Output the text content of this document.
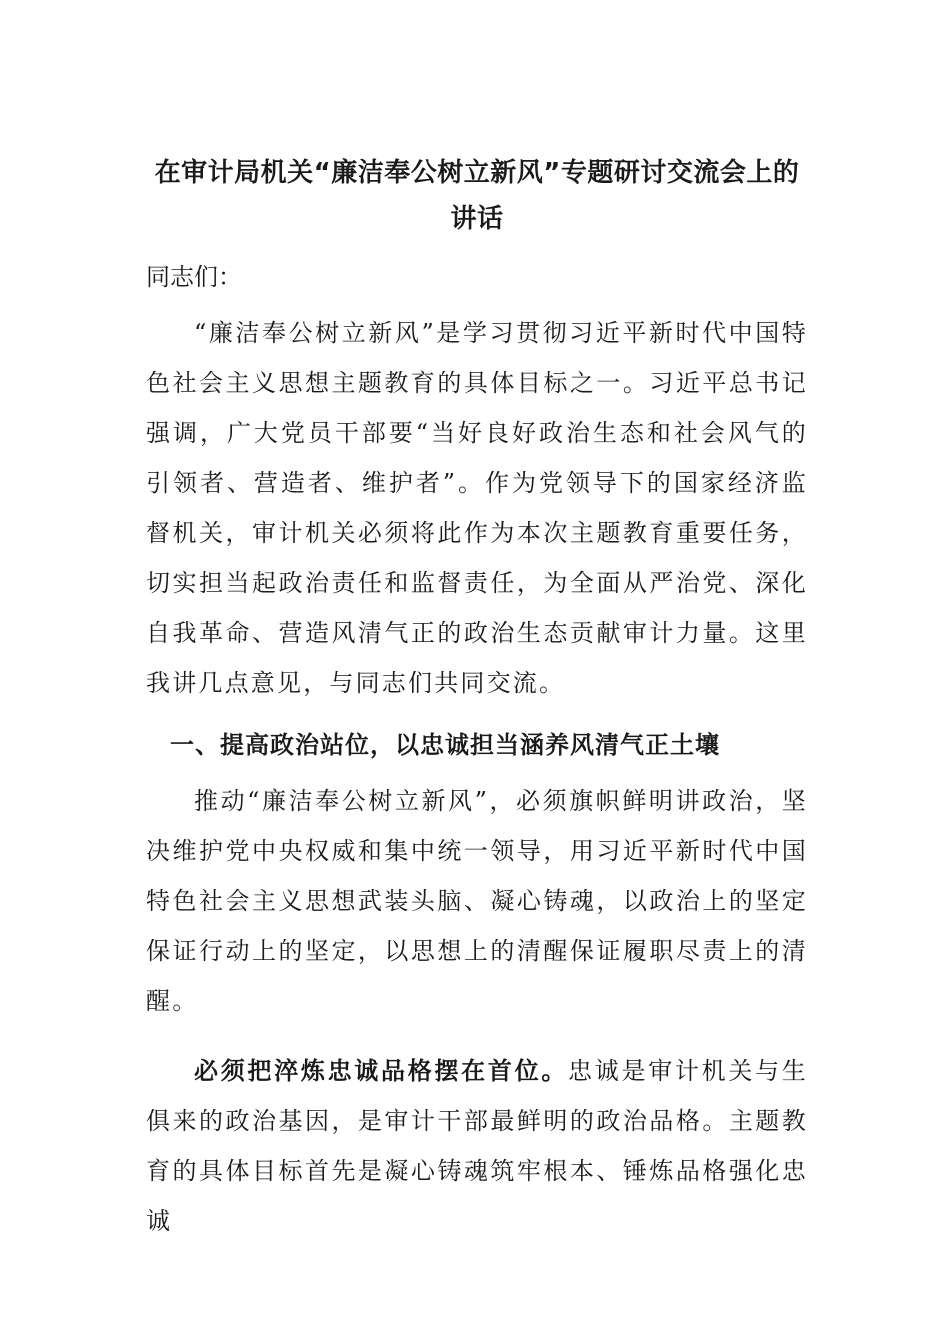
在审计局机关“廉洁奉公树立新风”专题研讨交流会上的讲话

同志们：

“廉洁奉公树立新风”是学习贯彻习近平新时代中国特色社会主义思想主题教育的具体目标之一。习近平总书记强调，广大党员干部要“当好良好政治生态和社会风气的引领者、营造者、维护者”。作为党领导下的国家经济监督机关，审计机关必须将此作为本次主题教育重要任务，切实担当起政治责任和监督责任，为全面从严治党、深化自我革命、营造风清气正的政治生态贡献审计力量。这里我讲几点意见，与同志们共同交流。

一、提高政治站位，以忠诚担当涵养风清气正土壤

推动“廉洁奉公树立新风”，必须旗帜鲜明讲政治，坚决维护党中央权威和集中统一领导，用习近平新时代中国特色社会主义思想武装头脑、凝心铸魂，以政治上的坚定保证行动上的坚定，以思想上的清醒保证履职尽责上的清醒。

必须把淬炼忠诚品格摆在首位。忠诚是审计机关与生俱来的政治基因，是审计干部最鲜明的政治品格。主题教育的具体目标首先是凝心铸魂筑牢根本、锤炼品格强化忠诚
